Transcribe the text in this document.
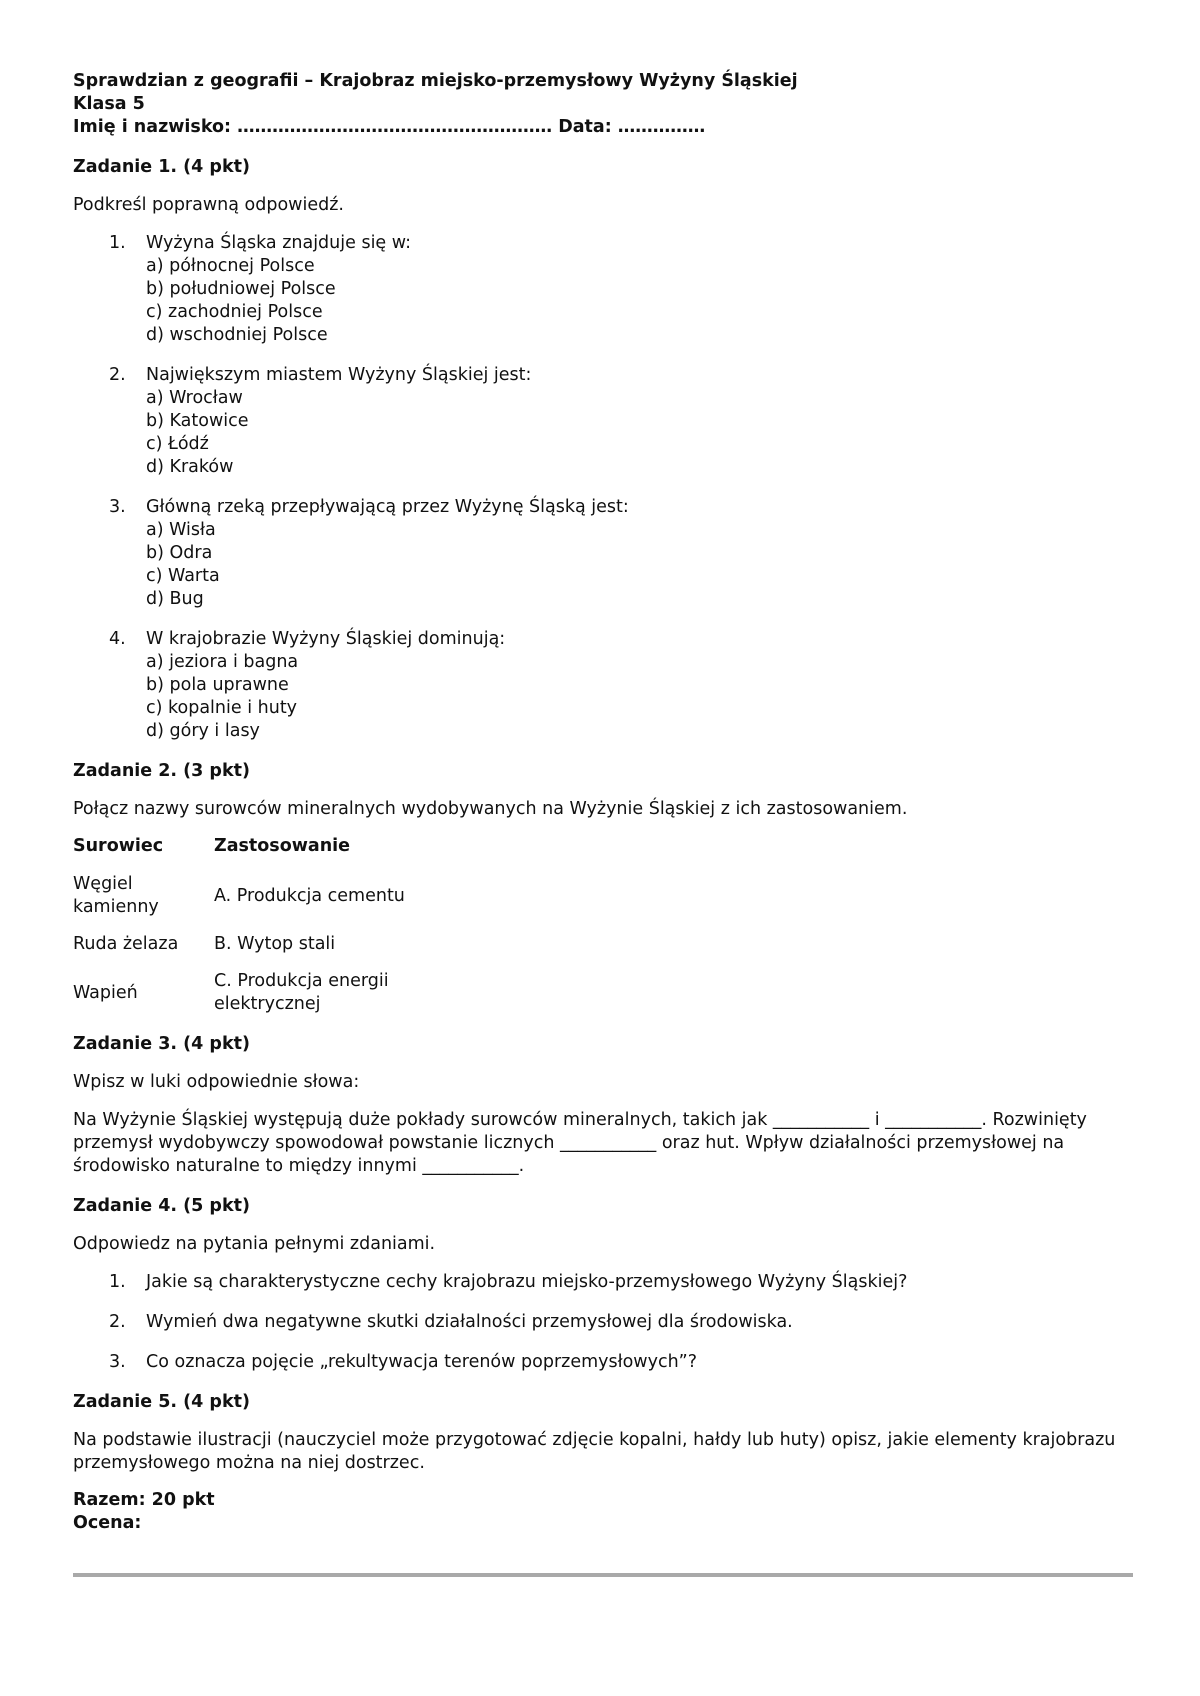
Sprawdzian z geografii – Krajobraz miejsko-przemysłowy Wyżyny Śląskiej
Klasa 5
Imię i nazwisko: ……………………………………………… Data: ……………
Zadanie 1. (4 pkt)

Podkreśl poprawną odpowiedź.

1. Wyżyna Śląska znajduje się w:
a) północnej Polsce
b) południowej Polsce
c) zachodniej Polsce
d) wschodniej Polsce
2. Największym miastem Wyżyny Śląskiej jest:
a) Wrocław
b) Katowice
c) Łódź
d) Kraków
3. Główną rzeką przepływającą przez Wyżynę Śląską jest:
a) Wisła
b) Odra
c) Warta
d) Bug
4. W krajobrazie Wyżyny Śląskiej dominują:
a) jeziora i bagna
b) pola uprawne
c) kopalnie i huty
d) góry i lasy
Zadanie 2. (3 pkt)

Połącz nazwy surowców mineralnych wydobywanych na Wyżynie Śląskiej z ich zastosowaniem.

Surowiec	Zastosowanie
Węgiel kamienny	A. Produkcja cementu
Ruda żelaza	B. Wytop stali
Wapień	C. Produkcja energii elektrycznej
Zadanie 3. (4 pkt)

Wpisz w luki odpowiednie słowa:

Na Wyżynie Śląskiej występują duże pokłady surowców mineralnych, takich jak ___________ i ___________. Rozwinięty przemysł wydobywczy spowodował powstanie licznych ___________ oraz hut. Wpływ działalności przemysłowej na środowisko naturalne to między innymi ___________.

Zadanie 4. (5 pkt)

Odpowiedz na pytania pełnymi zdaniami.

1. Jakie są charakterystyczne cechy krajobrazu miejsko-przemysłowego Wyżyny Śląskiej?
2. Wymień dwa negatywne skutki działalności przemysłowej dla środowiska.
3. Co oznacza pojęcie „rekultywacja terenów poprzemysłowych”?
Zadanie 5. (4 pkt)

Na podstawie ilustracji (nauczyciel może przygotować zdjęcie kopalni, hałdy lub huty) opisz, jakie elementy krajobrazu przemysłowego można na niej dostrzec.

Razem: 20 pkt
Ocena:
